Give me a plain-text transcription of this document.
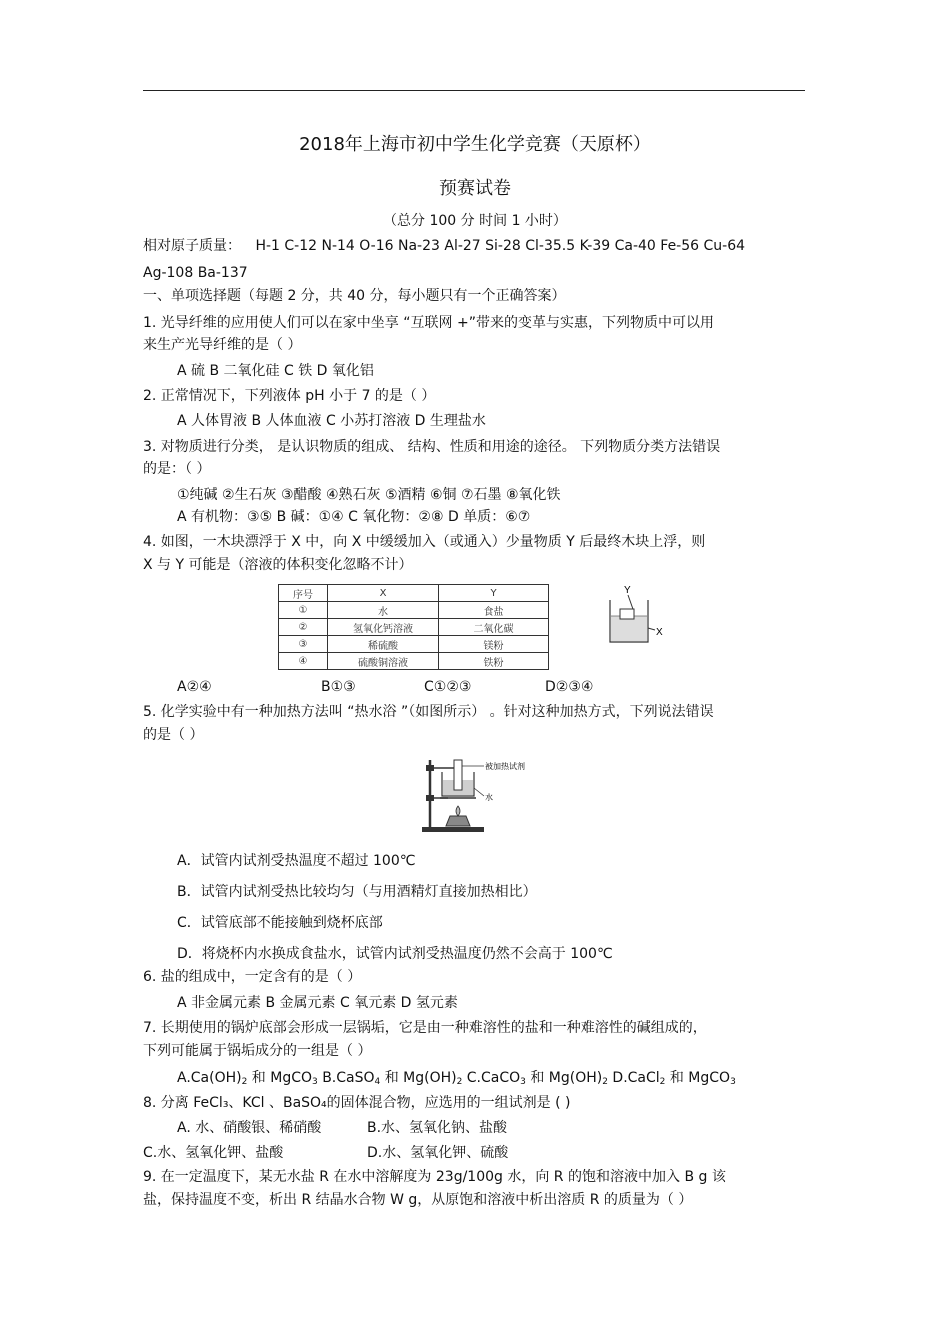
2018年上海市初中学生化学竞赛（天原杯）
预赛试卷
（总分 100 分 时间 1 小时）
相对原子质量： H-1 C-12 N-14 O-16 Na-23 Al-27 Si-28 Cl-35.5 K-39 Ca-40 Fe-56 Cu-64
Ag-108 Ba-137
一、单项选择题（每题 2 分，共 40 分，每小题只有一个正确答案）
1. 光导纤维的应用使人们可以在家中坐享 “互联网 +”带来的变革与实惠，下列物质中可以用
来生产光导纤维的是（ ）
A 硫 B 二氧化硅 C 铁 D 氧化铝
2. 正常情况下，下列液体 pH 小于 7 的是（ ）
A 人体胃液 B 人体血液 C 小苏打溶液 D 生理盐水
3. 对物质进行分类， 是认识物质的组成、 结构、性质和用途的途径。 下列物质分类方法错误
的是：（ ）
①纯碱 ②生石灰 ③醋酸 ④熟石灰 ⑤酒精 ⑥铜 ⑦石墨 ⑧氧化铁
A 有机物：③⑤ B 碱：①④ C 氧化物：②⑧ D 单质：⑥⑦
4. 如图，一木块漂浮于 X 中，向 X 中缓缓加入（或通入）少量物质 Y 后最终木块上浮，则
X 与 Y 可能是（溶液的体积变化忽略不计）
序号	X	Y
①	水	食盐
②	氢氧化钙溶液	二氧化碳
③	稀硫酸	镁粉
④	硫酸铜溶液	铁粉
Y
X
A②④	B①③	C①②③	D②③④
5. 化学实验中有一种加热方法叫 “热水浴 ”（如图所示） 。针对这种加热方式，下列说法错误
的是（ ）
被加热试剂
水
A．试管内试剂受热温度不超过 100℃
B．试管内试剂受热比较均匀（与用酒精灯直接加热相比）
C．试管底部不能接触到烧杯底部
D．将烧杯内水换成食盐水，试管内试剂受热温度仍然不会高于 100℃
6. 盐的组成中，一定含有的是（ ）
A 非金属元素 B 金属元素 C 氧元素 D 氢元素
7. 长期使用的锅炉底部会形成一层锅垢，它是由一种难溶性的盐和一种难溶性的碱组成的，
下列可能属于锅垢成分的一组是（ ）
$A.Ca(OH)_2$ 和 MgCO$_3$ B.CaSO$_4$ 和 $Mg(OH)_2$ C.CaCO$_3$ 和 $Mg(OH)_2$ D.CaCl$_2$ 和 MgCO$_3$
8. 分离 FeCl₃、KCl 、BaSO₄的固体混合物，应选用的一组试剂是 ( )
A. 水、硝酸银、稀硝酸	B.水、氢氧化钠、盐酸
C.水、氢氧化钾、盐酸	D.水、氢氧化钾、硫酸
9. 在一定温度下，某无水盐 R 在水中溶解度为 23g/100g 水，向 R 的饱和溶液中加入 B g 该
盐，保持温度不变，析出 R 结晶水合物 W g，从原饱和溶液中析出溶质 R 的质量为（ ）
